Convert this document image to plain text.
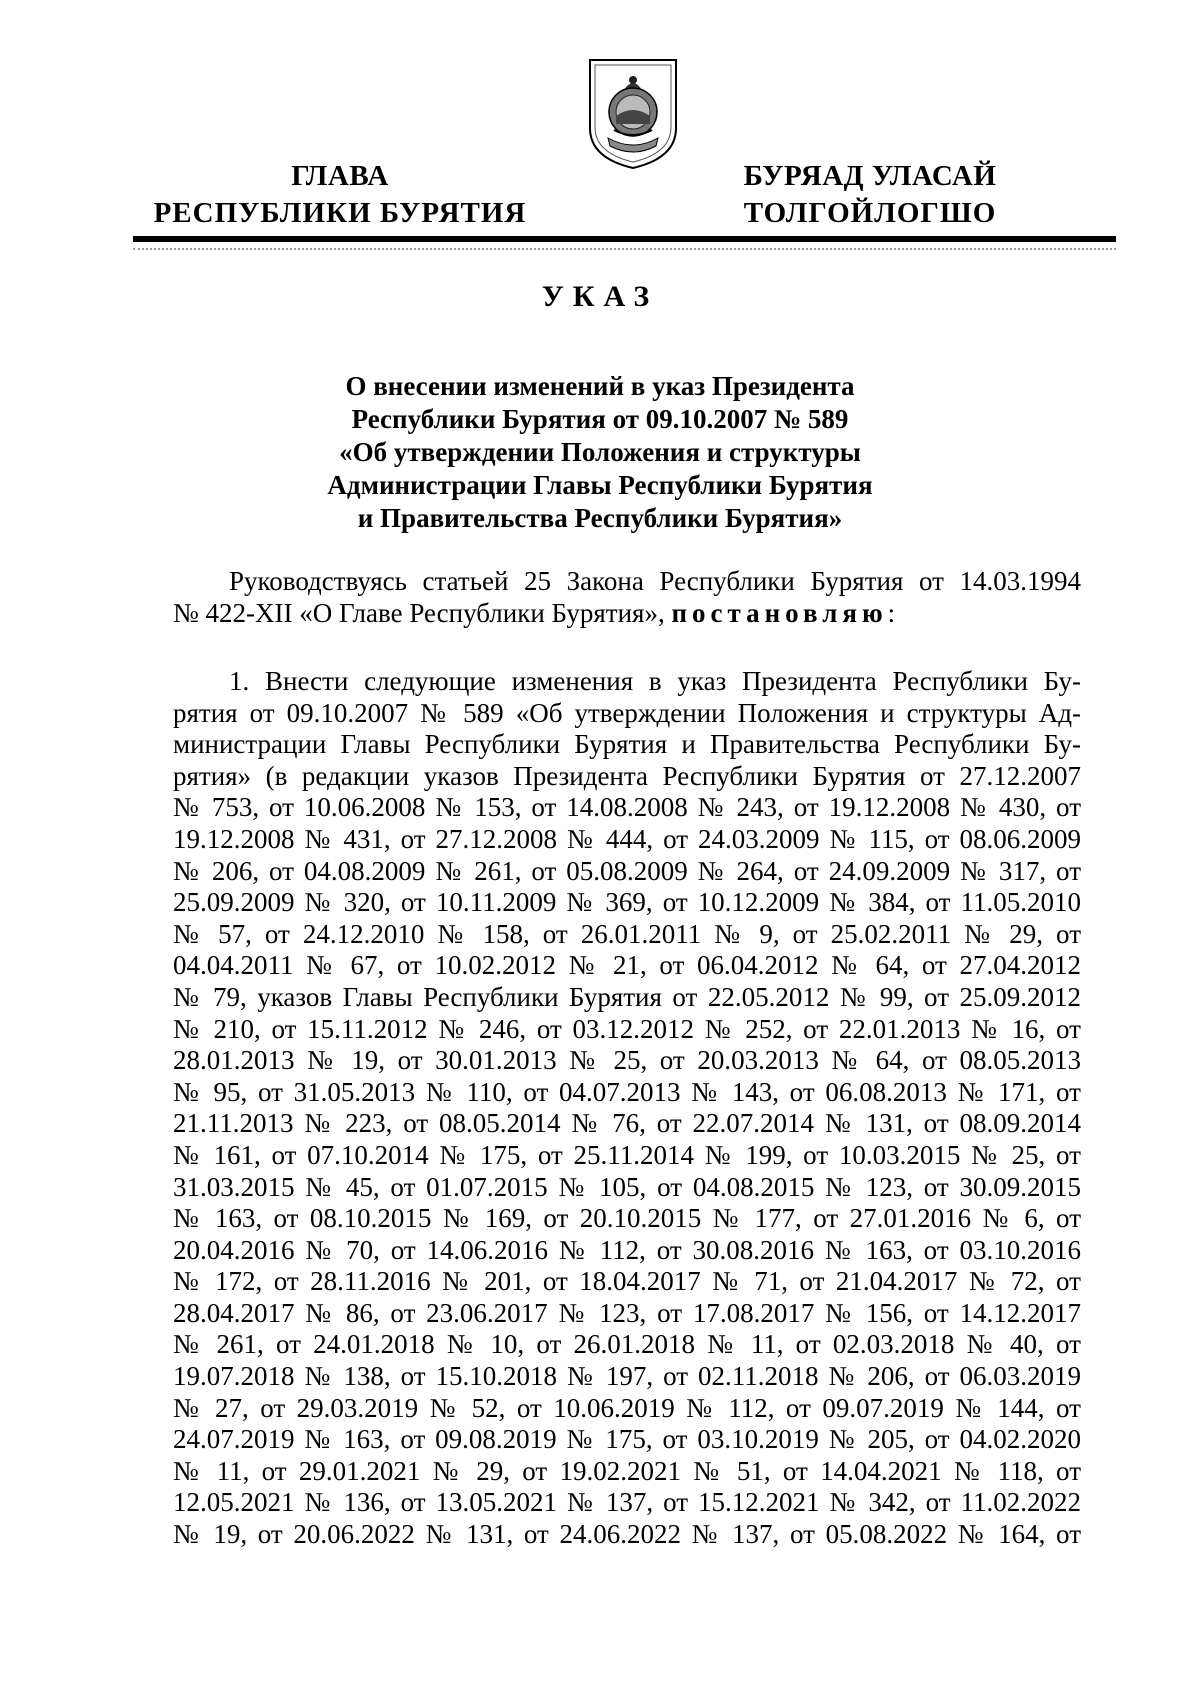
ГЛАВА
РЕСПУБЛИКИ БУРЯТИЯ
БУРЯАД УЛАСАЙ
ТОЛГОЙЛОГШО
УКАЗ
О внесении изменений в указ Президента
Республики Бурятия от 09.10.2007 № 589
«Об утверждении Положения и структуры
Администрации Главы Республики Бурятия
и Правительства Республики Бурятия»
Руководствуясь статьей 25 Закона Республики Бурятия от 14.03.1994
№ 422-XII «О Главе Республики Бурятия», постановляю:
1. Внести следующие изменения в указ Президента Республики Бу-
рятия от 09.10.2007 № 589 «Об утверждении Положения и структуры Ад-
министрации Главы Республики Бурятия и Правительства Республики Бу-
рятия» (в редакции указов Президента Республики Бурятия от 27.12.2007
№ 753, от 10.06.2008 № 153, от 14.08.2008 № 243, от 19.12.2008 № 430, от
19.12.2008 № 431, от 27.12.2008 № 444, от 24.03.2009 № 115, от 08.06.2009
№ 206, от 04.08.2009 № 261, от 05.08.2009 № 264, от 24.09.2009 № 317, от
25.09.2009 № 320, от 10.11.2009 № 369, от 10.12.2009 № 384, от 11.05.2010
№ 57, от 24.12.2010 № 158, от 26.01.2011 № 9, от 25.02.2011 № 29, от
04.04.2011 № 67, от 10.02.2012 № 21, от 06.04.2012 № 64, от 27.04.2012
№ 79, указов Главы Республики Бурятия от 22.05.2012 № 99, от 25.09.2012
№ 210, от 15.11.2012 № 246, от 03.12.2012 № 252, от 22.01.2013 № 16, от
28.01.2013 № 19, от 30.01.2013 № 25, от 20.03.2013 № 64, от 08.05.2013
№ 95, от 31.05.2013 № 110, от 04.07.2013 № 143, от 06.08.2013 № 171, от
21.11.2013 № 223, от 08.05.2014 № 76, от 22.07.2014 № 131, от 08.09.2014
№ 161, от 07.10.2014 № 175, от 25.11.2014 № 199, от 10.03.2015 № 25, от
31.03.2015 № 45, от 01.07.2015 № 105, от 04.08.2015 № 123, от 30.09.2015
№ 163, от 08.10.2015 № 169, от 20.10.2015 № 177, от 27.01.2016 № 6, от
20.04.2016 № 70, от 14.06.2016 № 112, от 30.08.2016 № 163, от 03.10.2016
№ 172, от 28.11.2016 № 201, от 18.04.2017 № 71, от 21.04.2017 № 72, от
28.04.2017 № 86, от 23.06.2017 № 123, от 17.08.2017 № 156, от 14.12.2017
№ 261, от 24.01.2018 № 10, от 26.01.2018 № 11, от 02.03.2018 № 40, от
19.07.2018 № 138, от 15.10.2018 № 197, от 02.11.2018 № 206, от 06.03.2019
№ 27, от 29.03.2019 № 52, от 10.06.2019 № 112, от 09.07.2019 № 144, от
24.07.2019 № 163, от 09.08.2019 № 175, от 03.10.2019 № 205, от 04.02.2020
№ 11, от 29.01.2021 № 29, от 19.02.2021 № 51, от 14.04.2021 № 118, от
12.05.2021 № 136, от 13.05.2021 № 137, от 15.12.2021 № 342, от 11.02.2022
№ 19, от 20.06.2022 № 131, от 24.06.2022 № 137, от 05.08.2022 № 164, от
